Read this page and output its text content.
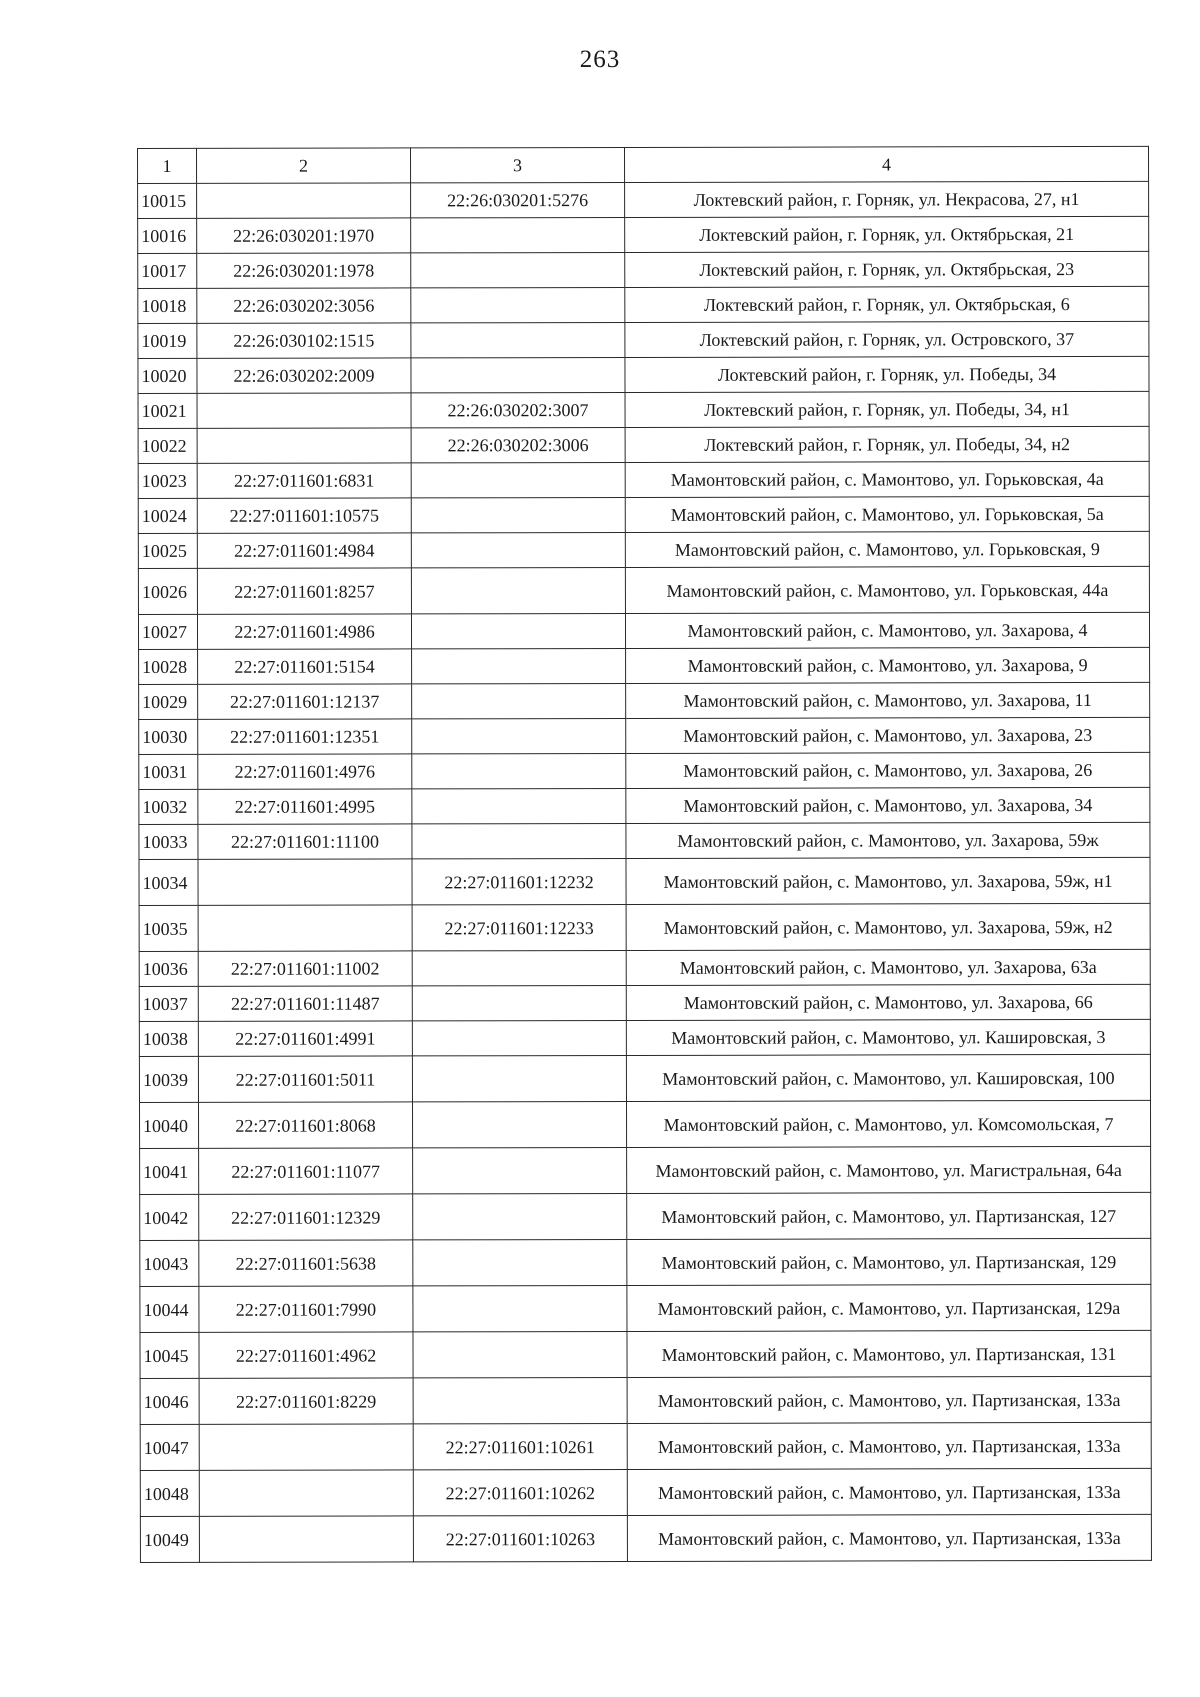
263
1	2	3	4
10015		22:26:030201:5276	Локтевский район, г. Горняк, ул. Некрасова, 27, н1
10016	22:26:030201:1970		Локтевский район, г. Горняк, ул. Октябрьская, 21
10017	22:26:030201:1978		Локтевский район, г. Горняк, ул. Октябрьская, 23
10018	22:26:030202:3056		Локтевский район, г. Горняк, ул. Октябрьская, 6
10019	22:26:030102:1515		Локтевский район, г. Горняк, ул. Островского, 37
10020	22:26:030202:2009		Локтевский район, г. Горняк, ул. Победы, 34
10021		22:26:030202:3007	Локтевский район, г. Горняк, ул. Победы, 34, н1
10022		22:26:030202:3006	Локтевский район, г. Горняк, ул. Победы, 34, н2
10023	22:27:011601:6831		Мамонтовский район, с. Мамонтово, ул. Горьковская, 4а
10024	22:27:011601:10575		Мамонтовский район, с. Мамонтово, ул. Горьковская, 5а
10025	22:27:011601:4984		Мамонтовский район, с. Мамонтово, ул. Горьковская, 9
10026	22:27:011601:8257		Мамонтовский район, с. Мамонтово, ул. Горьковская, 44а
10027	22:27:011601:4986		Мамонтовский район, с. Мамонтово, ул. Захарова, 4
10028	22:27:011601:5154		Мамонтовский район, с. Мамонтово, ул. Захарова, 9
10029	22:27:011601:12137		Мамонтовский район, с. Мамонтово, ул. Захарова, 11
10030	22:27:011601:12351		Мамонтовский район, с. Мамонтово, ул. Захарова, 23
10031	22:27:011601:4976		Мамонтовский район, с. Мамонтово, ул. Захарова, 26
10032	22:27:011601:4995		Мамонтовский район, с. Мамонтово, ул. Захарова, 34
10033	22:27:011601:11100		Мамонтовский район, с. Мамонтово, ул. Захарова, 59ж
10034		22:27:011601:12232	Мамонтовский район, с. Мамонтово, ул. Захарова, 59ж, н1
10035		22:27:011601:12233	Мамонтовский район, с. Мамонтово, ул. Захарова, 59ж, н2
10036	22:27:011601:11002		Мамонтовский район, с. Мамонтово, ул. Захарова, 63а
10037	22:27:011601:11487		Мамонтовский район, с. Мамонтово, ул. Захарова, 66
10038	22:27:011601:4991		Мамонтовский район, с. Мамонтово, ул. Кашировская, 3
10039	22:27:011601:5011		Мамонтовский район, с. Мамонтово, ул. Кашировская, 100
10040	22:27:011601:8068		Мамонтовский район, с. Мамонтово, ул. Комсомольская, 7
10041	22:27:011601:11077		Мамонтовский район, с. Мамонтово, ул. Магистральная, 64а
10042	22:27:011601:12329		Мамонтовский район, с. Мамонтово, ул. Партизанская, 127
10043	22:27:011601:5638		Мамонтовский район, с. Мамонтово, ул. Партизанская, 129
10044	22:27:011601:7990		Мамонтовский район, с. Мамонтово, ул. Партизанская, 129а
10045	22:27:011601:4962		Мамонтовский район, с. Мамонтово, ул. Партизанская, 131
10046	22:27:011601:8229		Мамонтовский район, с. Мамонтово, ул. Партизанская, 133а
10047		22:27:011601:10261	Мамонтовский район, с. Мамонтово, ул. Партизанская, 133а
10048		22:27:011601:10262	Мамонтовский район, с. Мамонтово, ул. Партизанская, 133а
10049		22:27:011601:10263	Мамонтовский район, с. Мамонтово, ул. Партизанская, 133а
